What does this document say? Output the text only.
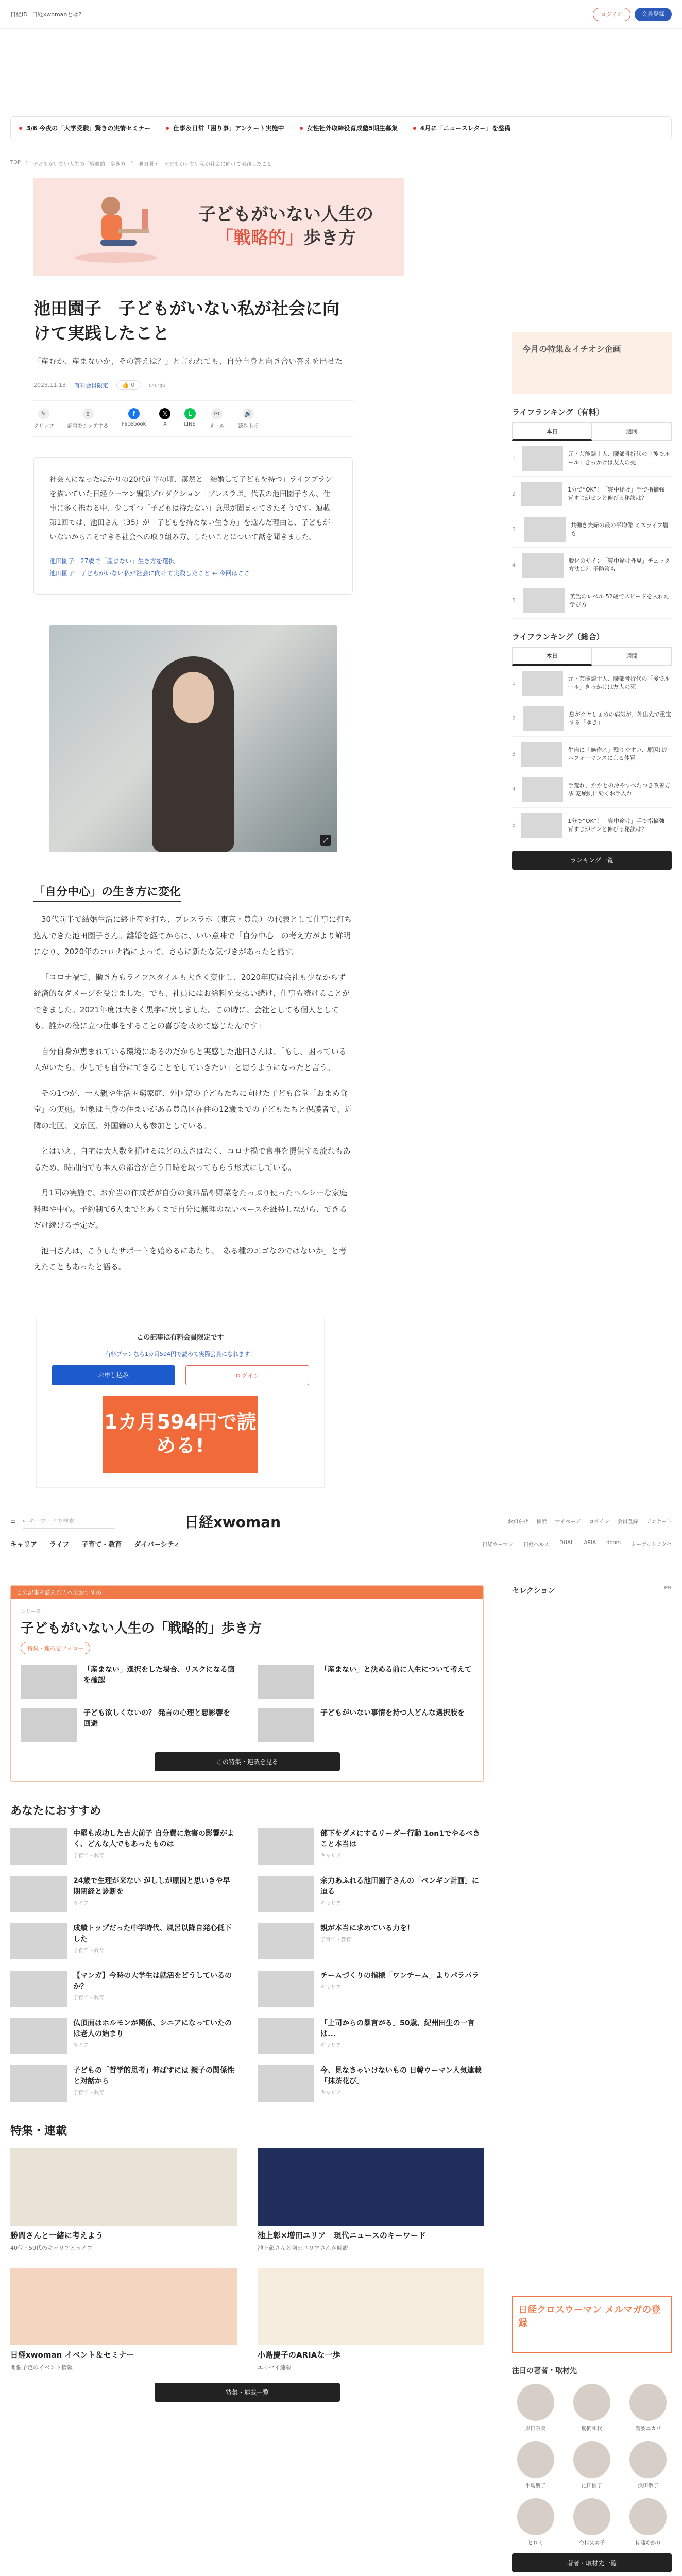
日経ID 日経xwomanとは?	ログイン	会員登録
3/6 今夜の「大学受験」驚きの実情セミナー	仕事＆日常「困り事」アンケート実施中	女性社外取締役育成塾5期生募集	4月に「ニュースレター」を整備
TOP › 子どもがいない人生の「戦略的」歩き方 › 池田園子　子どもがいない私が社会に向けて実践したこと
子どもがいない人生の
「戦略的」歩き方
池田園子　子どもがいない私が社会に向けて実践したこと

「産むか、産まないか、その答えは？」と言われても、自分自身と向き合い答えを出せた

2023.11.13 有料会員限定	👍 0	いいね
✎
クリップ
⇪
記事をシェアする
f
Facebook
𝕏
X
L
LINE
✉
メール
🔊
読み上げ

社会人になったばかりの20代前半の頃、漠然と「結婚して子どもを持つ」ライフプランを描いていた日経ウーマン編集プロダクション「プレスラボ」代表の池田園子さん。仕事に多く携わる中、少しずつ「子どもは持たない」意思が固まってきたそうです。連載第1回では、池田さん（35）が「子どもを持たない生き方」を選んだ理由と、子どもがいないからこそできる社会への取り組み方、したいことについて話を聞きました。

池田園子　27歳で「産まない」生き方を選択
池田園子　子どもがいない私が社会に向けて実践したこと ← 今回はここ
⤢
「自分中心」の生き方に変化

30代前半で結婚生活に終止符を打ち、プレスラボ（東京・豊島）の代表として仕事に打ち込んできた池田園子さん。離婚を経てからは、いい意味で「自分中心」の考え方がより鮮明になり、2020年のコロナ禍によって、さらに新たな気づきがあったと話す。

「コロナ禍で、働き方もライフスタイルも大きく変化し、2020年度は会社も少なからず経済的なダメージを受けました。でも、社員にはお給料を支払い続け、仕事も続けることができました。2021年度は大きく黒字に戻しました。この時に、会社としても個人としても、誰かの役に立つ仕事をすることの喜びを改めて感じたんです」

自分自身が恵まれている環境にあるのだからと実感した池田さんは、「もし、困っている人がいたら、少しでも自分にできることをしていきたい」と思うようになったと言う。

その1つが、一人親や生活困窮家庭、外国籍の子どもたちに向けた子ども食堂「おまめ食堂」の実施。対象は自身の住まいがある豊島区在住の12歳までの子どもたちと保護者で、近隣の北区、文京区、外国籍の人も参加としている。

とはいえ、自宅は大人数を招けるほどの広さはなく、コロナ禍で食事を提供する流れもあるため、時間内でも本人の都合が合う日時を取ってもらう形式にしている。

月1回の実施で、お弁当の作成者が自分の食料品や野菜をたっぷり使ったヘルシーな家庭料理や中心。予約制で6人までとあくまで自分に無理のないペースを維持しながら、できるだけ続ける予定だ。

池田さんは、こうしたサポートを始めるにあたり、「ある種のエゴなのではないか」と考えたこともあったと語る。

この記事は有料会員限定です
有料プランなら1カ月594円で読めて実際会員になれます！
お申し込み	ログイン
1カ月594円で読める!
今月の特集＆イチオシ企画
ライフランキング（有料）
本日	週間
1
元・芸能騎士人、腰部骨折代の「後でルール」きっかけは友人の死
2
1分で“OK”！「寝中途け」手で指摘強 背すじがピンと伸びる秘訣は？
3
共働き夫婦の最の平均像 ミスライフ層も
4
脱化のサイン「寝中途け外見」チェック方法は？ 予防策も
5
英語のレベル 52歳でスピードを入れた学び方
ライフランキング（総合）
本日	週間
1
元・芸能騎士人、腰部骨折代の「後でルール」きっかけは友人の死
2
息がクヤしょめの病気が、外出先で重宝する「ゆき」
3
牛肉に「無作乙」残りやすい、原因は？ パフォーマンスによる体質
4
手荒れ、かかとの冷やすべたつき改善方法 乾燥肌に効くお手入れ
5
1分で“OK”！「寝中途け」手で指摘強 背すじがピンと伸びる秘訣は？
ランキング一覧
☰ ⌕ キーワードで検索	日経xwoman	お知らせ 検索 マイページ ログイン 会員登録 アンケート
キャリア ライフ 子育て・教育 ダイバーシティ	日経ウーマン 日経ヘルス DUAL ARIA doors ターゲットアクセ
この記事を読んだ人へのおすすめ
シリーズ
子どもがいない人生の「戦略的」歩き方
特集・連載をフォロー
「産まない」選択をした場合、リスクになる箇を確認
「産まない」と決める前に人生について考えて
子ども欲しくないの？ 発言の心理と悪影響を回避
子どもがいない事情を持つ人どんな選択肢を
この特集・連載を見る
あなたにおすすめ
中堅も成功した吉大前子 自分費に危害の影響がよく、どんな人でもあったものは
子育て・教育
部下をダメにするリーダー行動 1on1でやるべきこと本当は
キャリア
24歳で生理が来ない がししが原因と思いきや早期閉経と診断を
ライフ
余力あふれる池田園子さんの「ペンギン計画」に迫る
キャリア
成績トップだった中学時代、風呂以降自発心低下した
子育て・教育
親が本当に求めている力を！
子育て・教育
【マンガ】今時の大学生は就活をどうしているのか？
子育て・教育
チームづくりの指標「ワンチーム」よりパラパラ
キャリア
仏頂面はホルモンが関係、シニアになっていたのは老人の始まり
ライフ
「上司からの暴言がる」50歳、紀州田生の一言は...
キャリア
子どもの「哲学的思考」伸ばすには 親子の関係性と対話から
子育て・教育
今、見なきゃいけないもの 日韓ウーマン人気連載「抹茶花び」
キャリア
特集・連載
勝間さんと一緒に考えよう
40代・50代のキャリアとライフ
池上彰×増田ユリア　現代ニュースのキーワード
池上彰さんと増田ユリアさんが解説
日経xwoman イベント＆セミナー
開催予定のイベント情報
小島慶子のARIAな一歩
エッセイ連載
特集・連載一覧
セレクション	PR
日経クロスウーマン メルマガの登録
注目の著者・取材先
岸田奈美	勝間和代	瀧波ユカリ
小島慶子	池田園子	浜田敬子
ヒロミ	今村久美子	佐藤ゆかり
著者・取材先一覧
